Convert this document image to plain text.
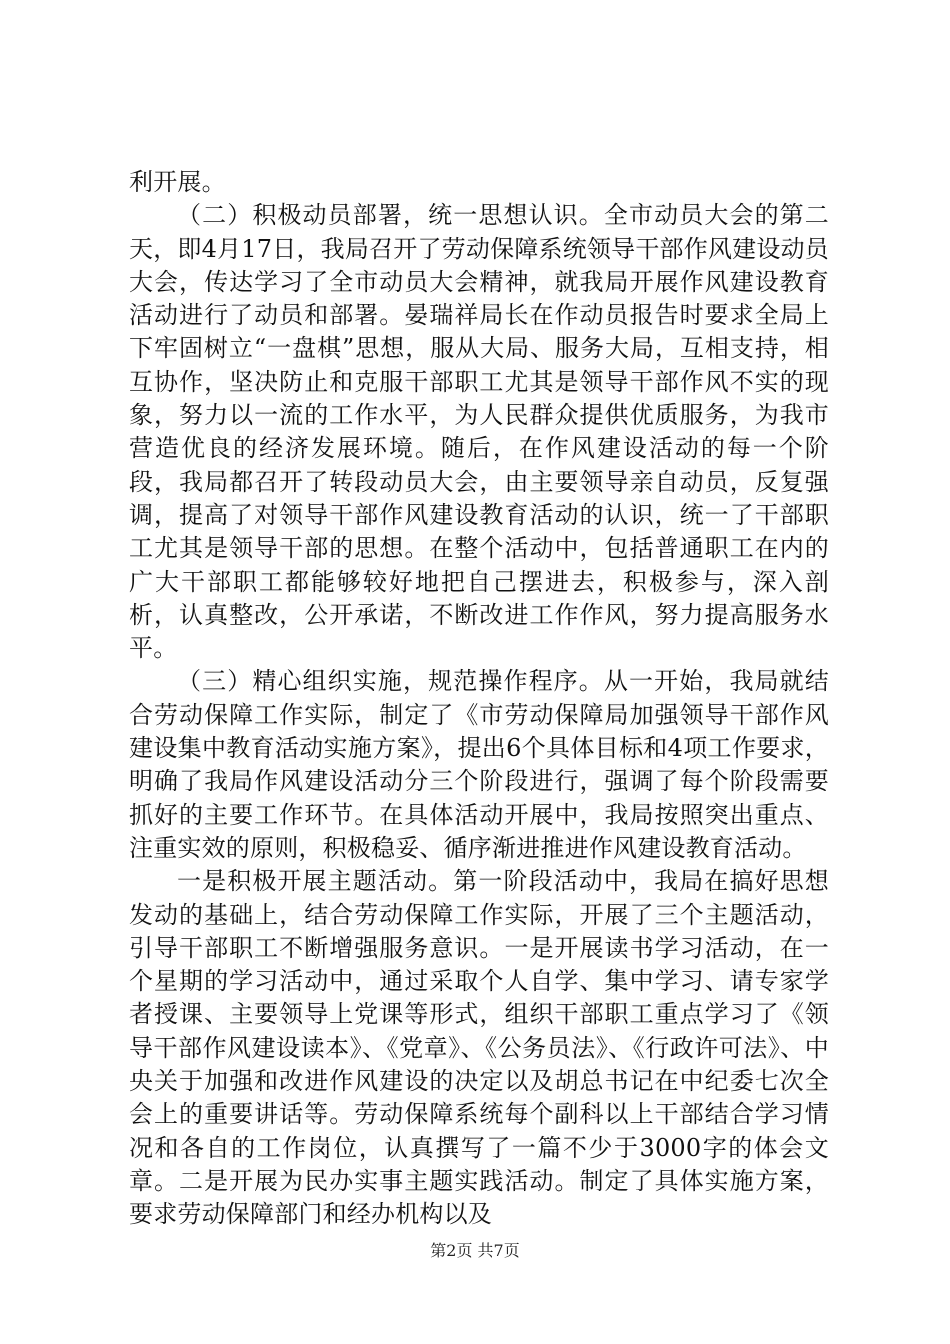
利开展。

（二）积极动员部署，统一思想认识。全市动员大会的第二天，即4月17日，我局召开了劳动保障系统领导干部作风建设动员大会，传达学习了全市动员大会精神，就我局开展作风建设教育活动进行了动员和部署。晏瑞祥局长在作动员报告时要求全局上下牢固树立“一盘棋”思想，服从大局、服务大局，互相支持，相互协作，坚决防止和克服干部职工尤其是领导干部作风不实的现象，努力以一流的工作水平，为人民群众提供优质服务，为我市营造优良的经济发展环境。随后，在作风建设活动的每一个阶段，我局都召开了转段动员大会，由主要领导亲自动员，反复强调，提高了对领导干部作风建设教育活动的认识，统一了干部职工尤其是领导干部的思想。在整个活动中，包括普通职工在内的广大干部职工都能够较好地把自己摆进去，积极参与，深入剖析，认真整改，公开承诺，不断改进工作作风，努力提高服务水平。

（三）精心组织实施，规范操作程序。从一开始，我局就结合劳动保障工作实际，制定了《市劳动保障局加强领导干部作风建设集中教育活动实施方案》，提出6个具体目标和4项工作要求，明确了我局作风建设活动分三个阶段进行，强调了每个阶段需要抓好的主要工作环节。在具体活动开展中，我局按照突出重点、注重实效的原则，积极稳妥、循序渐进推进作风建设教育活动。

一是积极开展主题活动。第一阶段活动中，我局在搞好思想发动的基础上，结合劳动保障工作实际，开展了三个主题活动，引导干部职工不断增强服务意识。一是开展读书学习活动，在一个星期的学习活动中，通过采取个人自学、集中学习、请专家学者授课、主要领导上党课等形式，组织干部职工重点学习了《领导干部作风建设读本》、《党章》、《公务员法》、《行政许可法》、中央关于加强和改进作风建设的决定以及胡总书记在中纪委七次全会上的重要讲话等。劳动保障系统每个副科以上干部结合学习情况和各自的工作岗位，认真撰写了一篇不少于3000字的体会文章。二是开展为民办实事主题实践活动。制定了具体实施方案，要求劳动保障部门和经办机构以及

第2页 共7页
